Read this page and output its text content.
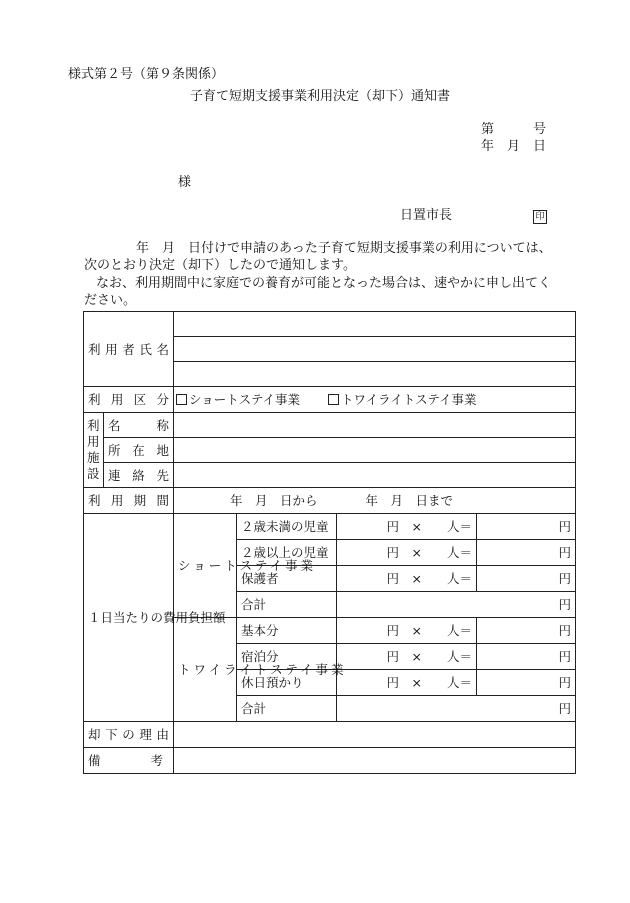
様式第２号（第９条関係）
子育て短期支援事業利用決定（却下）通知書
第　　　号
年　月　日
様
日置市長	印
年　月　日付けで申請のあった子育て短期支援事業の利用については、
次のとおり決定（却下）したので通知します。
なお、利用期間中に家庭での養育が可能となった場合は、速やかに申し出てく
ださい。
利用者氏名					

利用区分		ショートステイ事業 トワイライトステイ事業			

利用施設	名称				

	所在地				

	連絡先				

利用期間		年　月　日から 年　月　日まで			

１日当たりの費用負担額		ショートステイ事業	２歳未満の児童	円　×　　人＝	円
			２歳以上の児童	円　×　　人＝	円
			保護者	円　×　　人＝	円
			合計	円	

		トワイライトステイ事業	基本分	円　×　　人＝	円
			宿泊分	円　×　　人＝	円
			休日預かり	円　×　　人＝	円
			合計	円	

却下の理由					

備　　　　考					
